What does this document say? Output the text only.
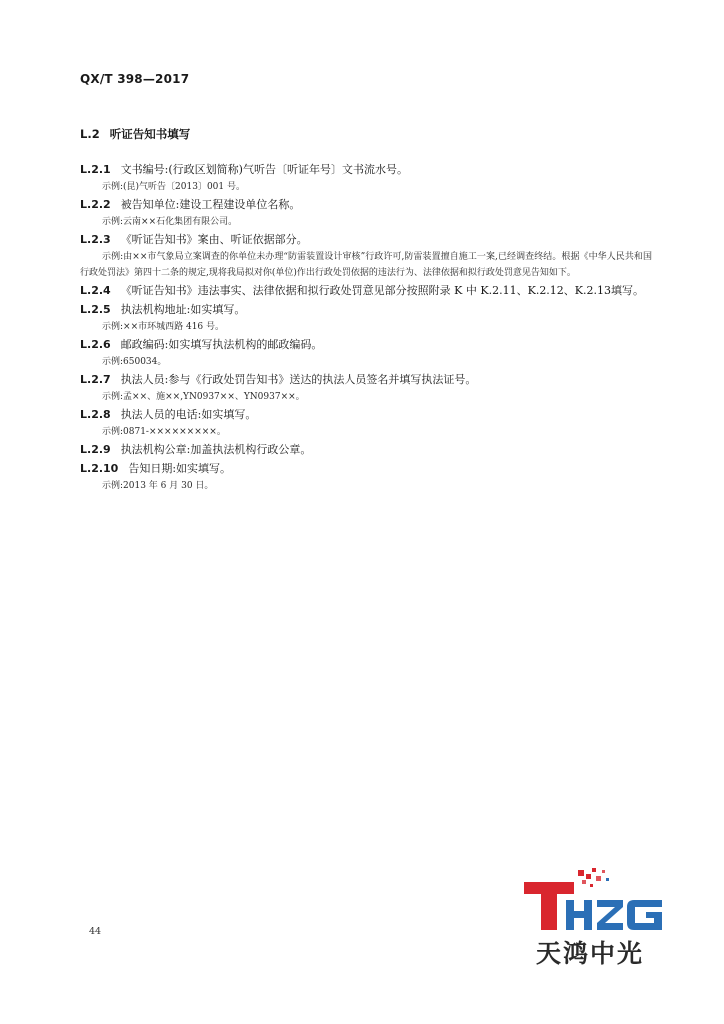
QX/T 398—2017
L.2 听证告知书填写
L.2.1 文书编号:(行政区划简称)气听告〔听证年号〕文书流水号。
示例:(昆)气听告〔2013〕001 号。
L.2.2 被告知单位:建设工程建设单位名称。
示例:云南××石化集团有限公司。
L.2.3 《听证告知书》案由、听证依据部分。
示例:由××市气象局立案调查的你单位未办理“防雷装置设计审核”行政许可,防雷装置擅自施工一案,已经调查终结。根据《中华人民共和国行政处罚法》第四十二条的规定,现将我局拟对你(单位)作出行政处罚依据的违法行为、法律依据和拟行政处罚意见告知如下。
L.2.4 《听证告知书》违法事实、法律依据和拟行政处罚意见部分按照附录 K 中 K.2.11、K.2.12、K.2.13填写。
L.2.5 执法机构地址:如实填写。
示例:××市环城西路 416 号。
L.2.6 邮政编码:如实填写执法机构的邮政编码。
示例:650034。
L.2.7 执法人员:参与《行政处罚告知书》送达的执法人员签名并填写执法证号。
示例:孟××、施××,YN0937××、YN0937××。
L.2.8 执法人员的电话:如实填写。
示例:0871-×××××××××。
L.2.9 执法机构公章:加盖执法机构行政公章。
L.2.10 告知日期:如实填写。
示例:2013 年 6 月 30 日。
44
天鸿中光
